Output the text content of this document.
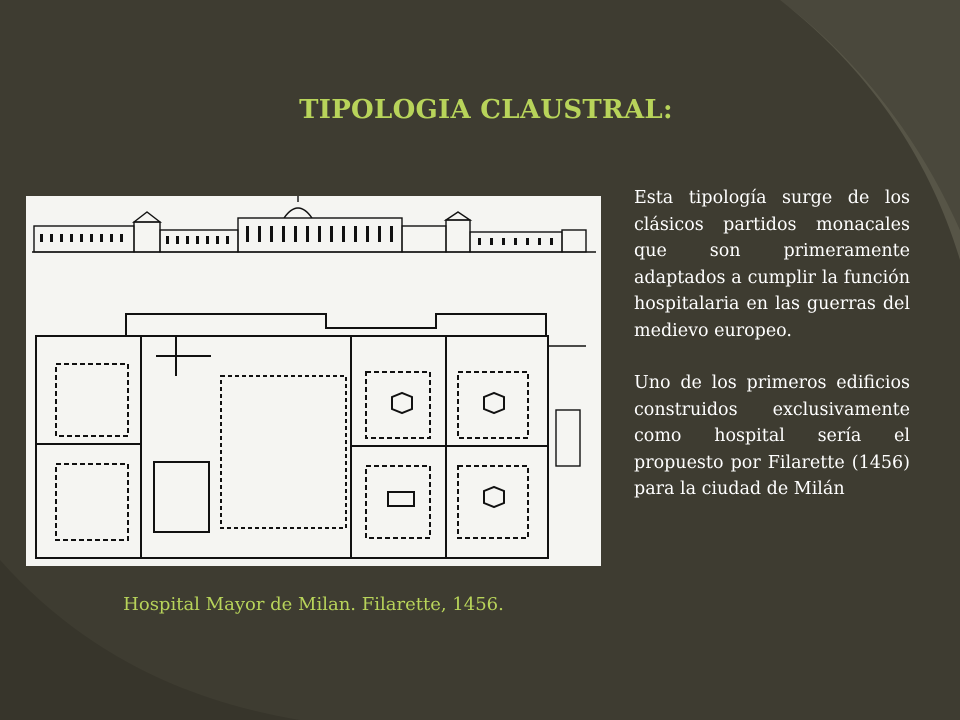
TIPOLOGIA CLAUSTRAL:
Hospital Mayor de Milan. Filarette, 1456.

Esta tipología surge de los clásicos partidos monacales que son primeramente adaptados a cumplir la función hospitalaria en las guerras del medievo europeo.

Uno de los primeros edificios construidos exclusivamente como hospital sería el propuesto por Filarette (1456) para la ciudad de Milán
